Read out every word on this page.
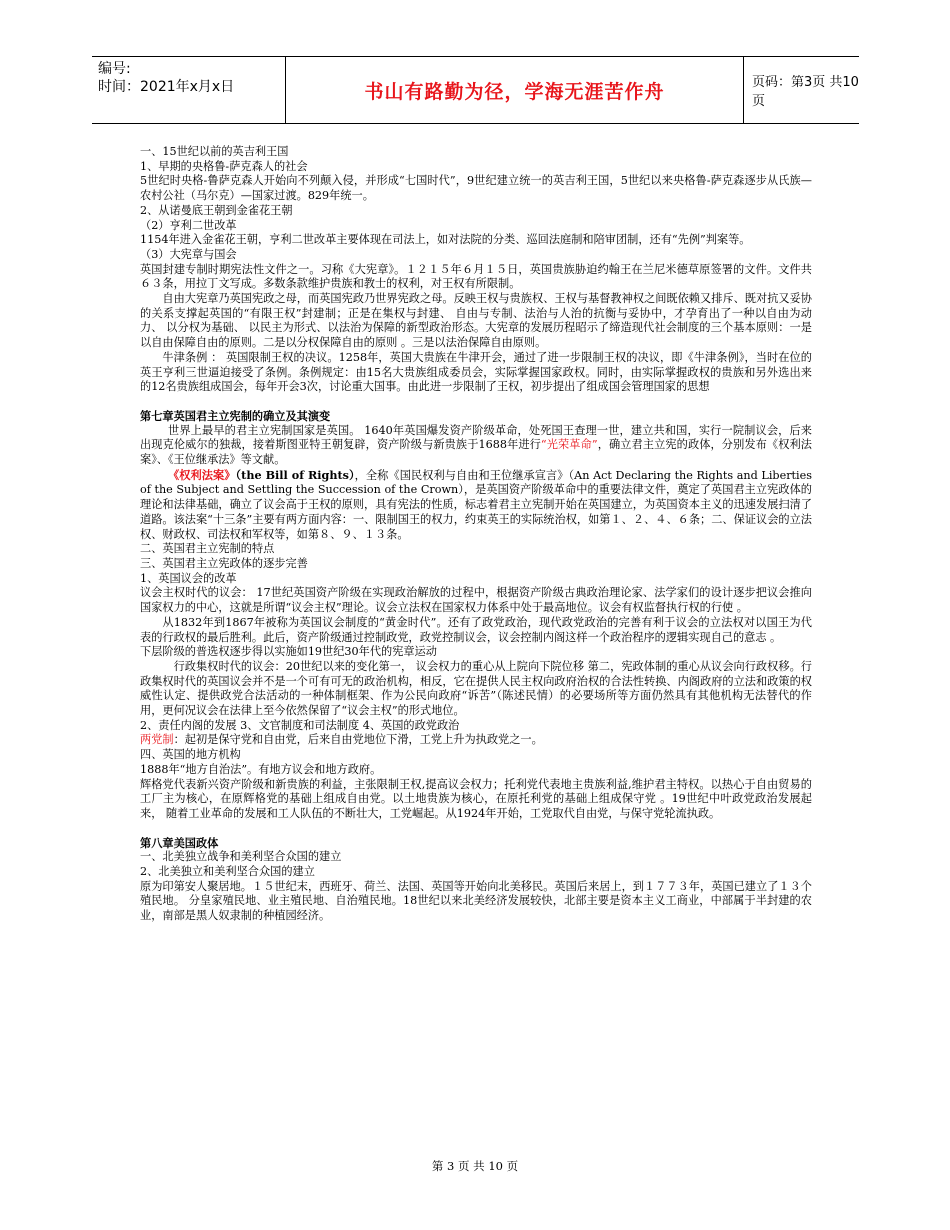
编号:
时间：2021年x月x日	书山有路勤为径，学海无涯苦作舟	页码：第3页 共10页

一、15世纪以前的英吉利王国

1、早期的央格鲁-萨克森人的社会

5世纪时央格-鲁萨克森人开始向不列颠入侵，并形成“七国时代”，9世纪建立统一的英吉利王国，5世纪以来央格鲁-萨克森逐步从氏族—农村公社（马尔克）—国家过渡。829年统一。

2、从诺曼底王朝到金雀花王朝

（2）亨利二世改革

1154年进入金雀花王朝，亨利二世改革主要体现在司法上，如对法院的分类、巡回法庭制和陪审团制，还有“先例”判案等。

（3）大宪章与国会

英国封建专制时期宪法性文件之一。习称《大宪章》。１２１５年６月１５日，英国贵族胁迫约翰王在兰尼米德草原签署的文件。文件共６３条，用拉丁文写成。多数条款维护贵族和教士的权利，对王权有所限制。

自由大宪章乃英国宪政之母，而英国宪政乃世界宪政之母。反映王权与贵族权、王权与基督教神权之间既依赖又排斥、既对抗又妥协的关系支撑起英国的“有限王权”封建制；正是在集权与封建、 自由与专制、法治与人治的抗衡与妥协中，才孕育出了一种以自由为动力、 以分权为基础、 以民主为形式、以法治为保障的新型政治形态。大宪章的发展历程昭示了缔造现代社会制度的三个基本原则：一是以自由保障自由的原则。二是以分权保障自由的原则 。三是以法治保障自由原则。

牛津条例 ： 英国限制王权的决议。1258年，英国大贵族在牛津开会，通过了进一步限制王权的决议，即《牛津条例》，当时在位的英王亨利三世逼迫接受了条例。条例规定：由15名大贵族组成委员会，实际掌握国家政权。同时，由实际掌握政权的贵族和另外选出来的12名贵族组成国会，每年开会3次，讨论重大国事。由此进一步限制了王权，初步提出了组成国会管理国家的思想

第七章英国君主立宪制的确立及其演变

世界上最早的君主立宪制国家是英国。 1640年英国爆发资产阶级革命，处死国王查理一世，建立共和国，实行一院制议会，后来出现克伦威尔的独裁，接着斯图亚特王朝复辟，资产阶级与新贵族于1688年进行“光荣革命”，确立君主立宪的政体，分别发布《权利法案》、《王位继承法》等文献。

《权利法案》（the Bill of Rights），全称《国民权利与自由和王位继承宣言》（An Act Declaring the Rights and Liberties of the Subject and Settling the Succession of the Crown），是英国资产阶级革命中的重要法律文件，奠定了英国君主立宪政体的理论和法律基础，确立了议会高于王权的原则，具有宪法的性质，标志着君主立宪制开始在英国建立，为英国资本主义的迅速发展扫清了道路。该法案“十三条”主要有两方面内容：一、限制国王的权力，约束英王的实际统治权，如第１、２、４、６条；二、保证议会的立法权、财政权、司法权和军权等，如第８、９、１３条。

二、英国君主立宪制的特点

三、英国君主立宪政体的逐步完善

1、英国议会的改革

议会主权时代的议会： 17世纪英国资产阶级在实现政治解放的过程中，根据资产阶级古典政治理论家、法学家们的设计逐步把议会推向国家权力的中心，这就是所谓“议会主权”理论。议会立法权在国家权力体系中处于最高地位。议会有权监督执行权的行使 。

从1832年到1867年被称为英国议会制度的“黄金时代”。还有了政党政治，现代政党政治的完善有利于议会的立法权对以国王为代表的行政权的最后胜利。此后，资产阶级通过控制政党，政党控制议会，议会控制内阁这样一个政治程序的逻辑实现自己的意志 。

下层阶级的普选权逐步得以实施如19世纪30年代的宪章运动

行政集权时代的议会：20世纪以来的变化第一， 议会权力的重心从上院向下院位移 第二，宪政体制的重心从议会向行政权移。行政集权时代的英国议会并不是一个可有可无的政治机构，相反，它在提供人民主权向政府治权的合法性转换、内阁政府的立法和政策的权威性认定、提供政党合法活动的一种体制框架、作为公民向政府“诉苦”（陈述民情）的必要场所等方面仍然具有其他机构无法替代的作用，更何况议会在法律上至今依然保留了“议会主权”的形式地位。

2、责任内阁的发展 3、文官制度和司法制度 4、英国的政党政治

两党制：起初是保守党和自由党，后来自由党地位下滑，工党上升为执政党之一。

四、英国的地方机构

1888年“地方自治法”。有地方议会和地方政府。

辉格党代表新兴资产阶级和新贵族的利益，主张限制王权,提高议会权力；托利党代表地主贵族利益,维护君主特权。以热心于自由贸易的工厂主为核心，在原辉格党的基础上组成自由党。以土地贵族为核心，在原托利党的基础上组成保守党 。19世纪中叶政党政治发展起来， 随着工业革命的发展和工人队伍的不断壮大，工党崛起。从1924年开始，工党取代自由党，与保守党轮流执政。

第八章美国政体

一、北美独立战争和美利坚合众国的建立

2、北美独立和美利坚合众国的建立

原为印第安人聚居地。１５世纪末，西班牙、荷兰、法国、英国等开始向北美移民。英国后来居上，到１７７３年，英国已建立了１３个殖民地。 分皇家殖民地、业主殖民地、自治殖民地。18世纪以来北美经济发展较快，北部主要是资本主义工商业，中部属于半封建的农业，南部是黑人奴隶制的种植园经济。

第 3 页 共 10 页
